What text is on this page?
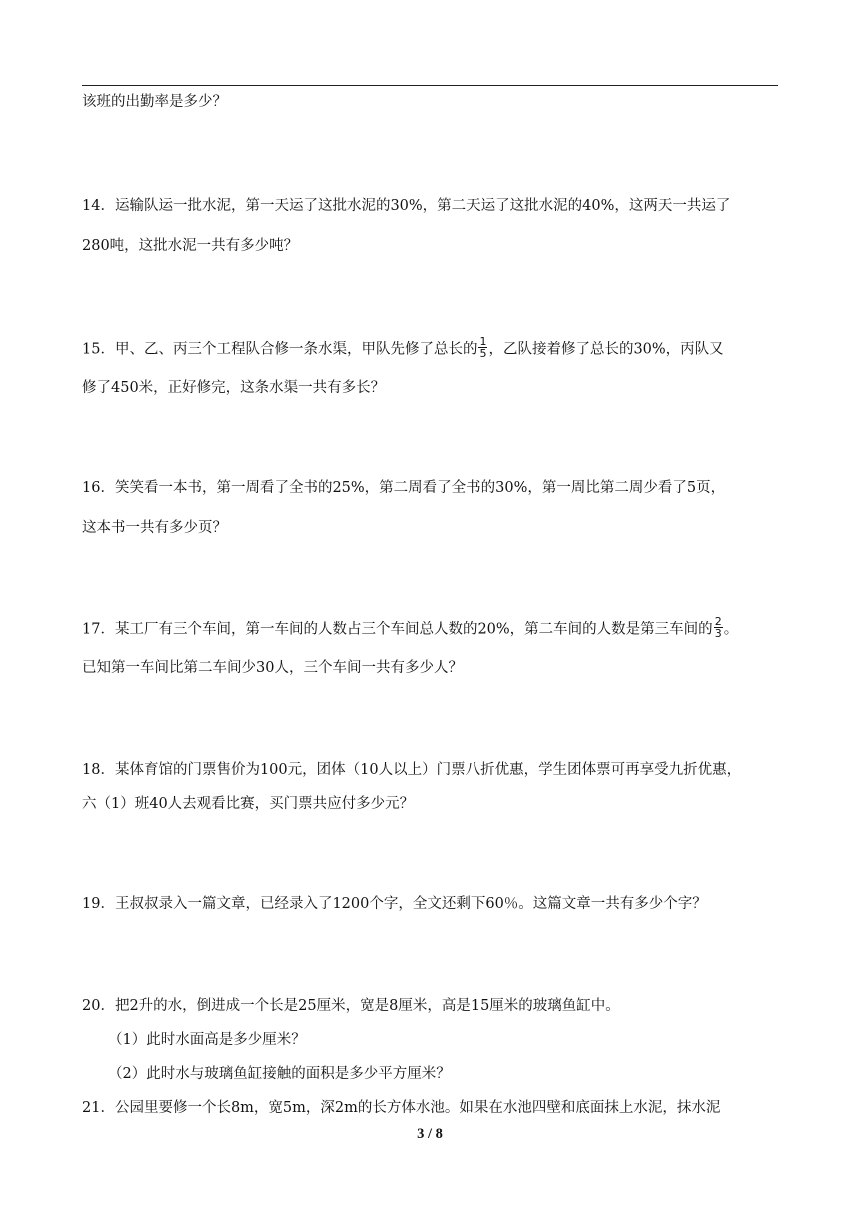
该班的出勤率是多少？
14．运输队运一批水泥，第一天运了这批水泥的30%，第二天运了这批水泥的40%，这两天一共运了
280吨，这批水泥一共有多少吨？
15．甲、乙、丙三个工程队合修一条水渠，甲队先修了总长的 $\frac{1}{5}$ ，乙队接着修了总长的30%，丙队又
修了450米，正好修完，这条水渠一共有多长？
16．笑笑看一本书，第一周看了全书的25%，第二周看了全书的30%，第一周比第二周少看了5页，
这本书一共有多少页？
17．某工厂有三个车间，第一车间的人数占三个车间总人数的20%，第二车间的人数是第三车间的 $\frac{2}{3}$ 。
已知第一车间比第二车间少30人，三个车间一共有多少人？
18．某体育馆的门票售价为100元，团体（10人以上）门票八折优惠，学生团体票可再享受九折优惠，
六（1）班40人去观看比赛，买门票共应付多少元？
19．王叔叔录入一篇文章，已经录入了1200个字，全文还剩下60％。这篇文章一共有多少个字？
20．把2升的水，倒进成一个长是25厘米，宽是8厘米，高是15厘米的玻璃鱼缸中。
（1）此时水面高是多少厘米？
（2）此时水与玻璃鱼缸接触的面积是多少平方厘米？
21．公园里要修一个长8m，宽5m，深2m的长方体水池。如果在水池四壁和底面抹上水泥，抹水泥
3 / 8
